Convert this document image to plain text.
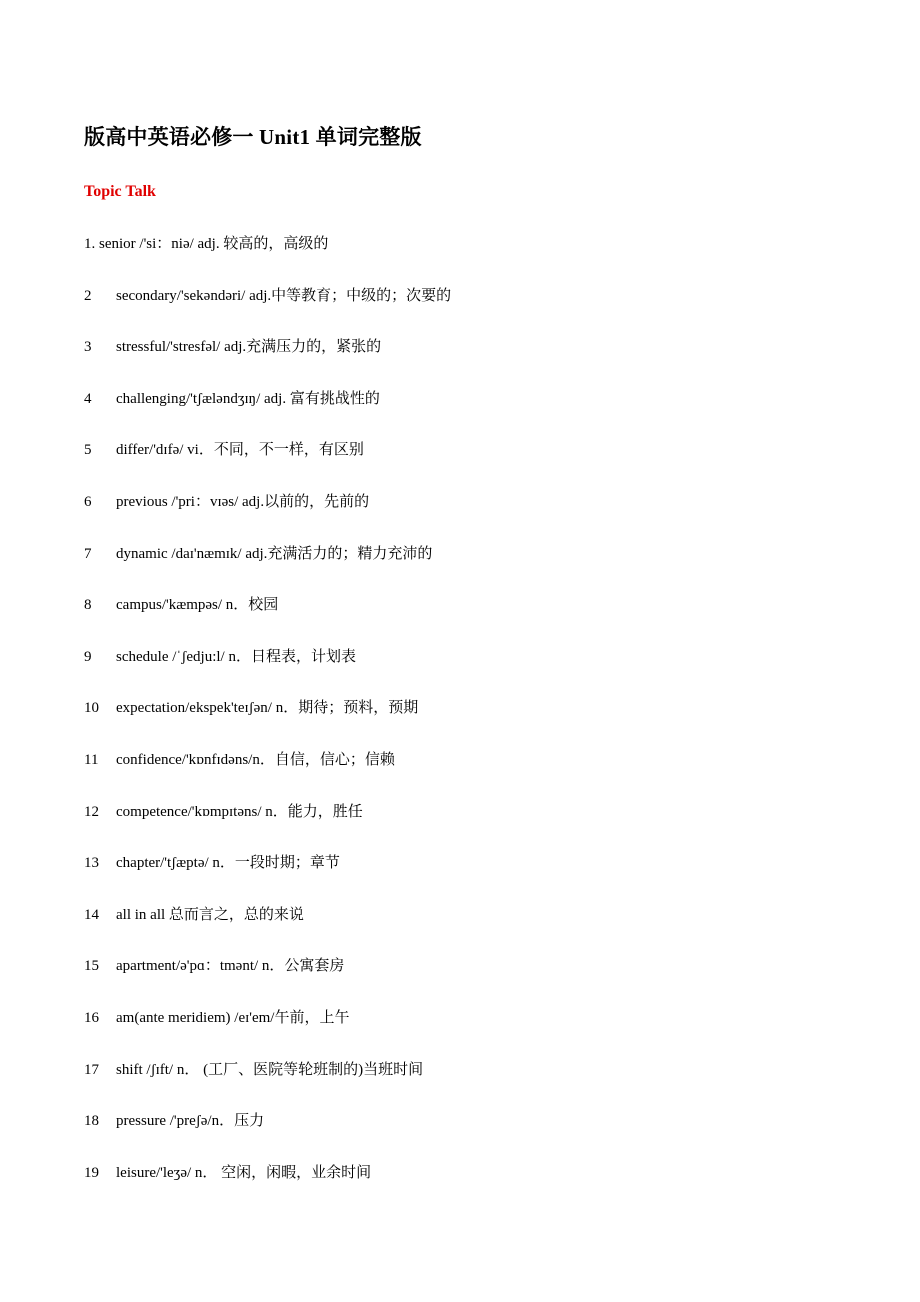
版高中英语必修一 Unit1 单词完整版
Topic Talk
1. senior /'si：niə/ adj. 较高的，高级的
2 secondary/'sekəndəri/ adj.中等教育；中级的；次要的
3 stressful/'stresfəl/ adj.充满压力的，紧张的
4 challenging/'tʃæləndʒɪŋ/ adj. 富有挑战性的
5 differ/'dɪfə/ vi．不同，不一样，有区别
6 previous /'pri：vɪəs/ adj.以前的，先前的
7 dynamic /daɪ'næmɪk/ adj.充满活力的；精力充沛的
8 campus/'kæmpəs/ n．校园
9 schedule /ˈʃedju:l/ n．日程表，计划表
10 expectation/ekspek'teɪʃən/ n．期待；预料，预期
11 confidence/'kɒnfɪdəns/n．自信，信心；信赖
12 competence/'kɒmpɪtəns/ n．能力，胜任
13 chapter/'tʃæptə/ n．一段时期；章节
14 all in all 总而言之，总的来说
15 apartment/ə'pɑ：tmənt/ n．公寓套房
16 am(ante meridiem) /eɪ'em/午前，上午
17 shift /ʃɪft/ n． (工厂、医院等轮班制的)当班时间
18 pressure /'preʃə/n．压力
19 leisure/'leʒə/ n． 空闲，闲暇，业余时间
